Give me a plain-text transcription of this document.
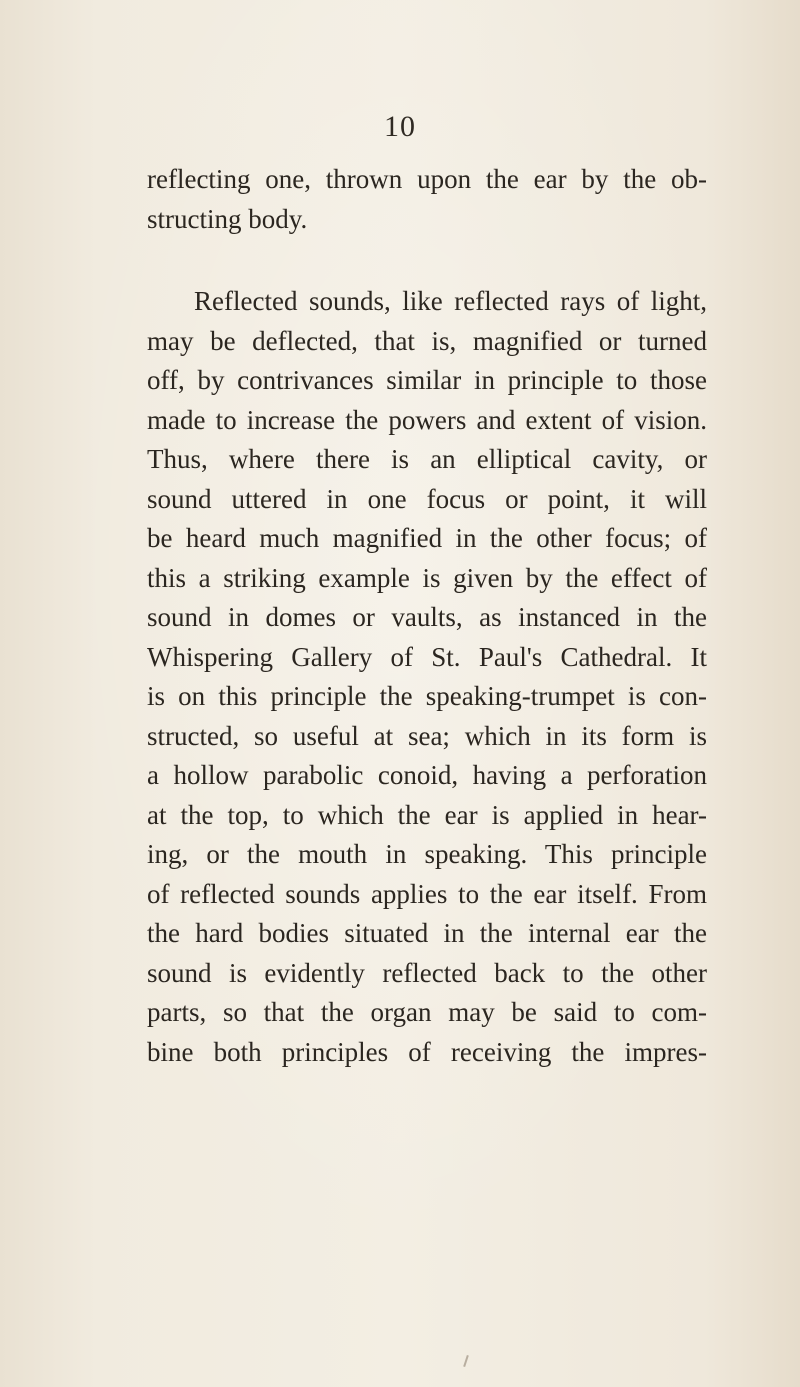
10
reflecting one, thrown upon the ear by the ob-
structing body.
Reflected sounds, like reflected rays of light,
may be deflected, that is, magnified or turned
off, by contrivances similar in principle to those
made to increase the powers and extent of vision.
Thus, where there is an elliptical cavity, or
sound uttered in one focus or point, it will
be heard much magnified in the other focus; of
this a striking example is given by the effect of
sound in domes or vaults, as instanced in the
Whispering Gallery of St. Paul's Cathedral. It
is on this principle the speaking-trumpet is con-
structed, so useful at sea; which in its form is
a hollow parabolic conoid, having a perforation
at the top, to which the ear is applied in hear-
ing, or the mouth in speaking. This principle
of reflected sounds applies to the ear itself. From
the hard bodies situated in the internal ear the
sound is evidently reflected back to the other
parts, so that the organ may be said to com-
bine both principles of receiving the impres-
